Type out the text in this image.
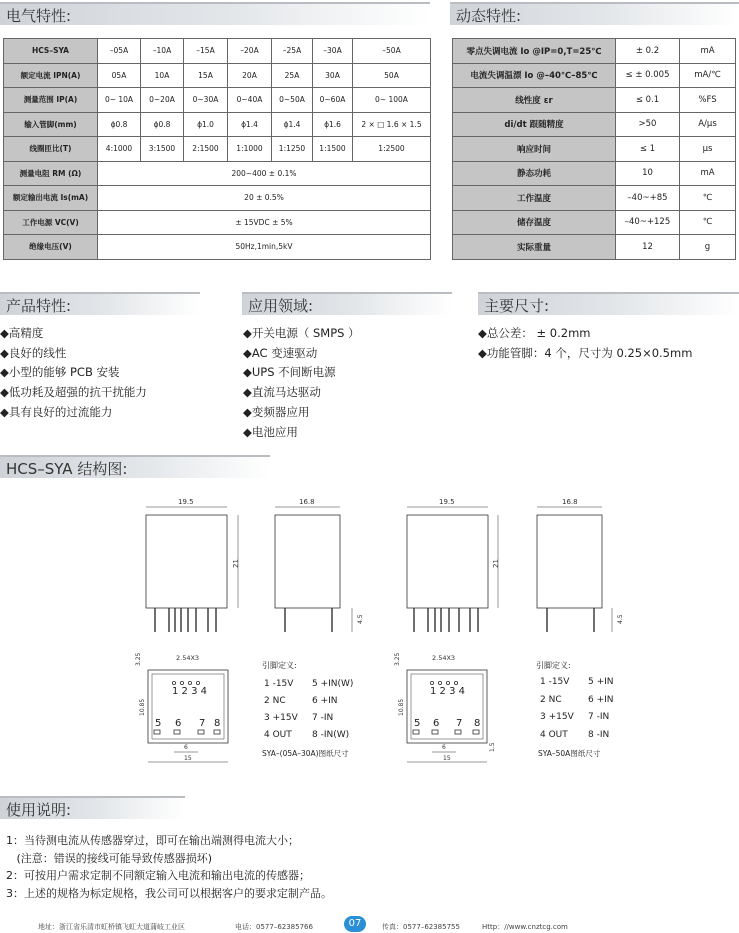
电气特性:	动态特性:
HCS–SYA	–05A	–10A	–15A	–20A	–25A	–30A	–50A
额定电流 IPN(A)	05A	10A	15A	20A	25A	30A	50A
测量范围 IP(A)	0~ 10A	0~20A	0~30A	0~40A	0~50A	0~60A	0~ 100A
输入管脚(mm)	ϕ0.8	ϕ0.8	ϕ1.0	ϕ1.4	ϕ1.4	ϕ1.6	2 × □ 1.6 × 1.5
线圈匝比(T)	4:1000	3:1500	2:1500	1:1000	1:1250	1:1500	1:2500
测量电阻 RM (Ω)	200~400 ± 0.1%						
额定输出电流 Is(mA)	20 ± 0.5%						
工作电源 VC(V)	± 15VDC ± 5%						
绝缘电压(V)	50Hz,1min,5kV						
零点失调电流 Io @IP=0,T=25℃	± 0.2	mA
电流失调温漂 Io @–40℃–85℃	≤ ± 0.005	mA/℃
线性度 εr	≤ 0.1	%FS
di/dt 跟随精度	>50	A/μs
响应时间	≤ 1	μs
静态功耗	10	mA
工作温度	–40~+85	℃
储存温度	–40~+125	℃
实际重量	12	g
产品特性:	应用领域:	主要尺寸:
◆高精度
◆良好的线性
◆小型的能够 PCB 安装
◆低功耗及超强的抗干扰能力
◆具有良好的过流能力
◆开关电源（ SMPS ）
◆AC 变速驱动
◆UPS 不间断电源
◆直流马达驱动
◆变频器应用
◆电池应用
◆总公差： ± 0.2mm
◆功能管脚：4 个，尺寸为 0.25×0.5mm
HCS–SYA 结构图:
19.5
21
16.8
4.5
19.5
21
16.8
4.5
2.54X3
3.25
10.85
1 2 3 4
5 6 7 8
6
15
2.54X3
3.25
10.85
1 2 3 4
5 6 7 8
6
15
1.5
引脚定义:
1 -15V 5 +IN(W)
2 NC	6 +IN
3 +15V 7 -IN
4 OUT 8 -IN(W)
SYA–(05A–30A)图纸尺寸
引脚定义:
1 -15V 5 +IN
2 NC	6 +IN
3 +15V 7 -IN
4 OUT 8 -IN
SYA–50A图纸尺寸
使用说明:
1：当待测电流从传感器穿过，即可在输出端测得电流大小；
(注意：错误的接线可能导致传感器损坏)
2：可按用户需求定制不同额定输入电流和输出电流的传感器；
3：上述的规格为标定规格，我公司可以根据客户的要求定制产品。
地址：浙江省乐清市虹桥镇飞虹大道蒲岐工业区	电话：0577–62385766	07	传真：0577–62385755	Http：//www.cnztcg.com
